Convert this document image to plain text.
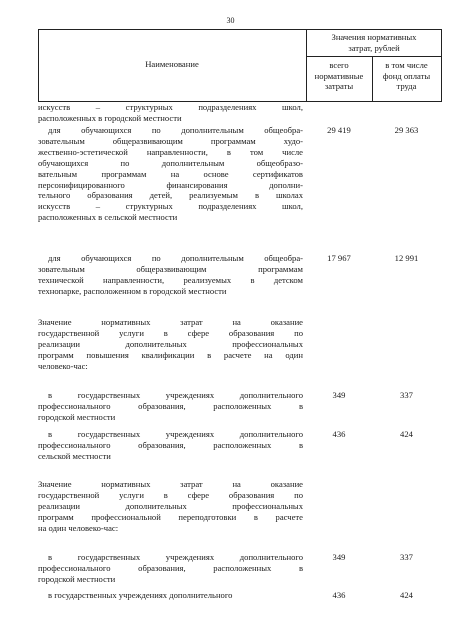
30
Наименование
Значения нормативных
затрат, рублей
всего
нормативные
затраты
в том числе
фонд оплаты
труда
искусств – структурных подразделениях школ,
расположенных в городской местности
для обучающихся по дополнительным общеобра-
зовательным общеразвивающим программам худо-
жественно-эстетической направленности, в том числе
обучающихся по дополнительным общеобразо-
вательным программам на основе сертификатов
персонифицированного финансирования дополни-
тельного образования детей, реализуемым в школах
искусств – структурных подразделениях школ,
расположенных в сельской местности
29 419	29 363
для обучающихся по дополнительным общеобра-
зовательным общеразвивающим программам
технической направленности, реализуемых в детском
технопарке, расположенном в городской местности
17 967	12 991
Значение нормативных затрат на оказание
государственной услуги в сфере образования по
реализации дополнительных профессиональных
программ повышения квалификации в расчете на один
человеко-час:
в государственных учреждениях дополнительного
профессионального образования, расположенных в
городской местности
349	337
в государственных учреждениях дополнительного
профессионального образования, расположенных в
сельской местности
436	424
Значение нормативных затрат на оказание
государственной услуги в сфере образования по
реализации дополнительных профессиональных
программ профессиональной переподготовки в расчете
на один человеко-час:
в государственных учреждениях дополнительного
профессионального образования, расположенных в
городской местности
349	337
в государственных учреждениях дополнительного	436	424
